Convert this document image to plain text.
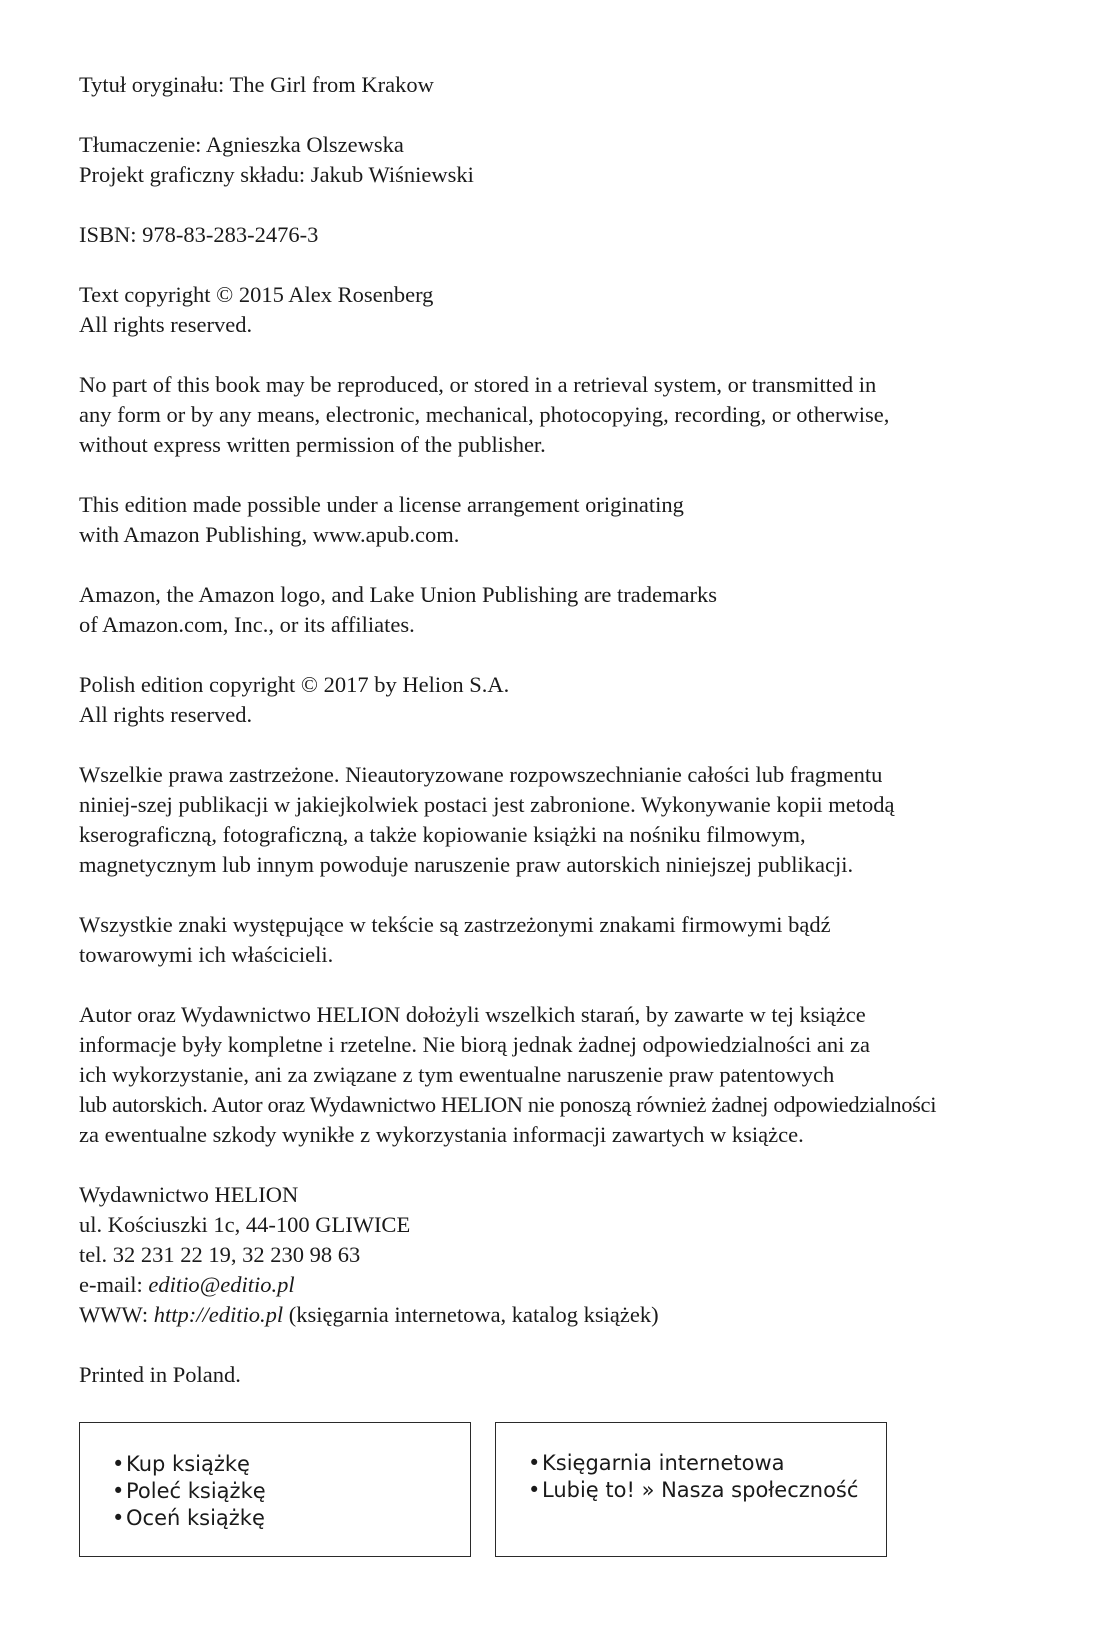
Tytuł oryginału: The Girl from Krakow

Tłumaczenie: Agnieszka Olszewska
Projekt graficzny składu: Jakub Wiśniewski

ISBN: 978-83-283-2476-3

Text copyright © 2015 Alex Rosenberg
All rights reserved.

No part of this book may be reproduced, or stored in a retrieval system, or transmitted in
any form or by any means, electronic, mechanical, photocopying, recording, or otherwise,
without express written permission of the publisher.

This edition made possible under a license arrangement originating
with Amazon Publishing, www.apub.com.

Amazon, the Amazon logo, and Lake Union Publishing are trademarks
of Amazon.com, Inc., or its affiliates.

Polish edition copyright © 2017 by Helion S.A.
All rights reserved.

Wszelkie prawa zastrzeżone. Nieautoryzowane rozpowszechnianie całości lub fragmentu
niniej-szej publikacji w jakiejkolwiek postaci jest zabronione. Wykonywanie kopii metodą
kserograficzną, fotograficzną, a także kopiowanie książki na nośniku filmowym,
magnetycznym lub innym powoduje naruszenie praw autorskich niniejszej publikacji.

Wszystkie znaki występujące w tekście są zastrzeżonymi znakami firmowymi bądź
towarowymi ich właścicieli.

Autor oraz Wydawnictwo HELION dołożyli wszelkich starań, by zawarte w tej książce
informacje były kompletne i rzetelne. Nie biorą jednak żadnej odpowiedzialności ani za
ich wykorzystanie, ani za związane z tym ewentualne naruszenie praw patentowych
lub autorskich. Autor oraz Wydawnictwo HELION nie ponoszą również żadnej odpowiedzialności
za ewentualne szkody wynikłe z wykorzystania informacji zawartych w książce.

Wydawnictwo HELION
ul. Kościuszki 1c, 44-100 GLIWICE
tel. 32 231 22 19, 32 230 98 63
e-mail: editio@editio.pl
WWW: http://editio.pl (księgarnia internetowa, katalog książek)

Printed in Poland.

•Kup książkę
•Poleć książkę
•Oceń książkę
•Księgarnia internetowa
•Lubię to! » Nasza społeczność
